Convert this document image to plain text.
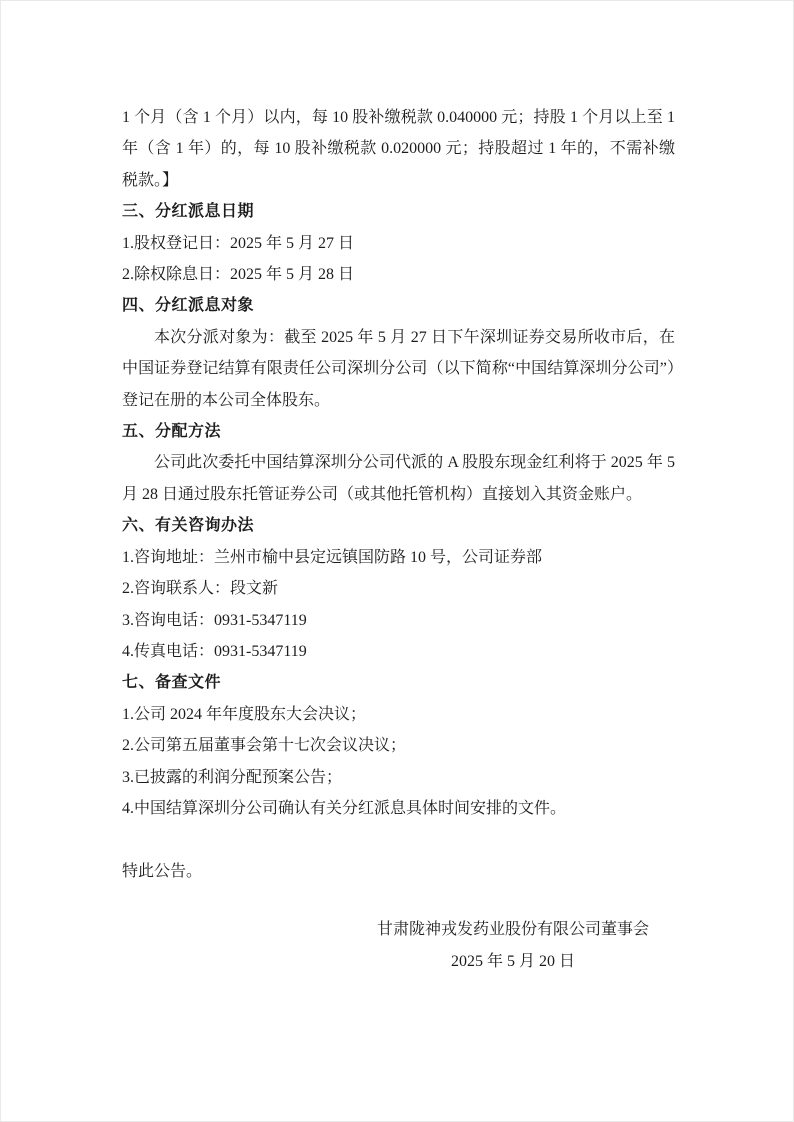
1 个月（含 1 个月）以内，每 10 股补缴税款 0.040000 元；持股 1 个月以上至 1 年（含 1 年）的，每 10 股补缴税款 0.020000 元；持股超过 1 年的，不需补缴税款。】

三、分红派息日期

1.股权登记日：2025 年 5 月 27 日

2.除权除息日：2025 年 5 月 28 日

四、分红派息对象

本次分派对象为：截至 2025 年 5 月 27 日下午深圳证券交易所收市后，在中国证券登记结算有限责任公司深圳分公司（以下简称“中国结算深圳分公司”）登记在册的本公司全体股东。

五、分配方法

公司此次委托中国结算深圳分公司代派的 A 股股东现金红利将于 2025 年 5 月 28 日通过股东托管证券公司（或其他托管机构）直接划入其资金账户。

六、有关咨询办法

1.咨询地址：兰州市榆中县定远镇国防路 10 号，公司证券部

2.咨询联系人：段文新

3.咨询电话：0931-5347119

4.传真电话：0931-5347119

七、备查文件

1.公司 2024 年年度股东大会决议；

2.公司第五届董事会第十七次会议决议；

3.已披露的利润分配预案公告；

4.中国结算深圳分公司确认有关分红派息具体时间安排的文件。

特此公告。

甘肃陇神戎发药业股份有限公司董事会

2025 年 5 月 20 日
